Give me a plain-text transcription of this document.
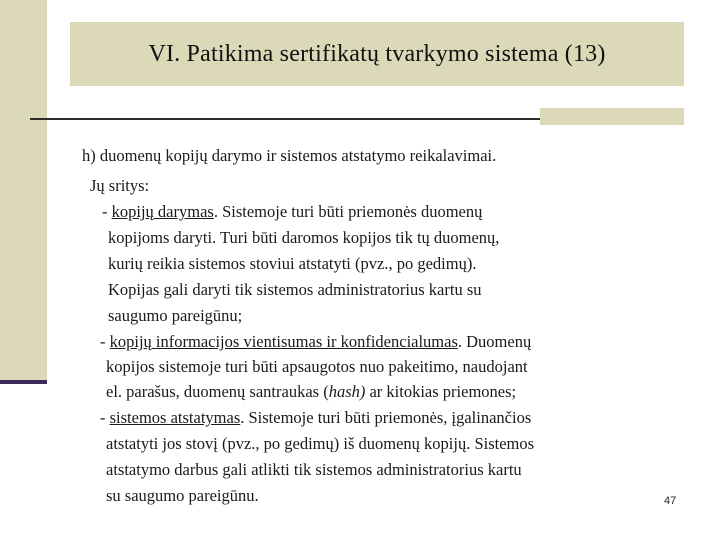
VI. Patikima sertifikatų tvarkymo sistema (13)
h) duomenų kopijų darymo ir sistemos atstatymo reikalavimai.
Jų sritys:
- kopijų darymas. Sistemoje turi būti priemonės duomenų
kopijoms daryti. Turi būti daromos kopijos tik tų duomenų,
kurių reikia sistemos stoviui atstatyti (pvz., po gedimų).
Kopijas gali daryti tik sistemos administratorius kartu su
saugumo pareigūnu;
- kopijų informacijos vientisumas ir konfidencialumas. Duomenų
kopijos sistemoje turi būti apsaugotos nuo pakeitimo, naudojant
el. parašus, duomenų santraukas (hash) ar kitokias priemones;
- sistemos atstatymas. Sistemoje turi būti priemonės, įgalinančios
atstatyti jos stovį (pvz., po gedimų) iš duomenų kopijų. Sistemos
atstatymo darbus gali atlikti tik sistemos administratorius kartu
su saugumo pareigūnu.	47
